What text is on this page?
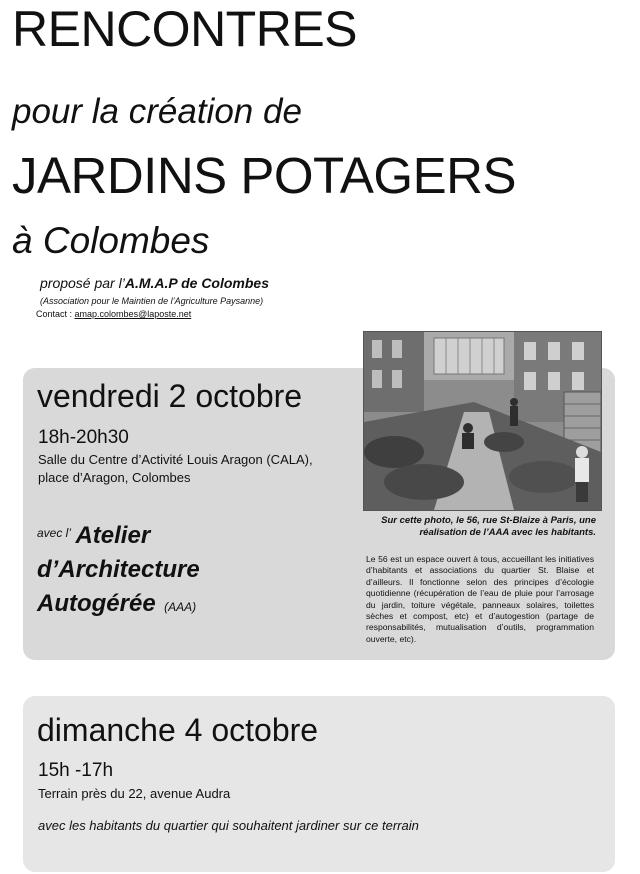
RENCONTRES
pour la création de
JARDINS POTAGERS
à Colombes
proposé par l’A.M.A.P de Colombes
(Association pour le Maintien de l’Agriculture Paysanne)
Contact : amap.colombes@laposte.net
vendredi 2 octobre
18h-20h30
Salle du Centre d’Activité Louis Aragon (CALA),
place d’Aragon, Colombes
$^{avec l’}$ Atelier
d’Architecture
Autogérée (AAA)
Sur cette photo, le 56, rue St-Blaize à Paris, une réalisation de l’AAA avec les habitants.
Le 56 est un espace ouvert à tous, accueillant les initiatives d’habitants et associations du quartier St. Blaise et d’ailleurs. Il fonctionne selon des principes d’écologie quotidienne (récupération de l’eau de pluie pour l’arrosage du jardin, toiture végétale, panneaux solaires, toilettes sèches et compost, etc) et d’autogestion (partage de responsabilités, mutualisation d’outils, programmation ouverte, etc).
dimanche 4 octobre
15h -17h
Terrain près du 22, avenue Audra
avec les habitants du quartier qui souhaitent jardiner sur ce terrain
